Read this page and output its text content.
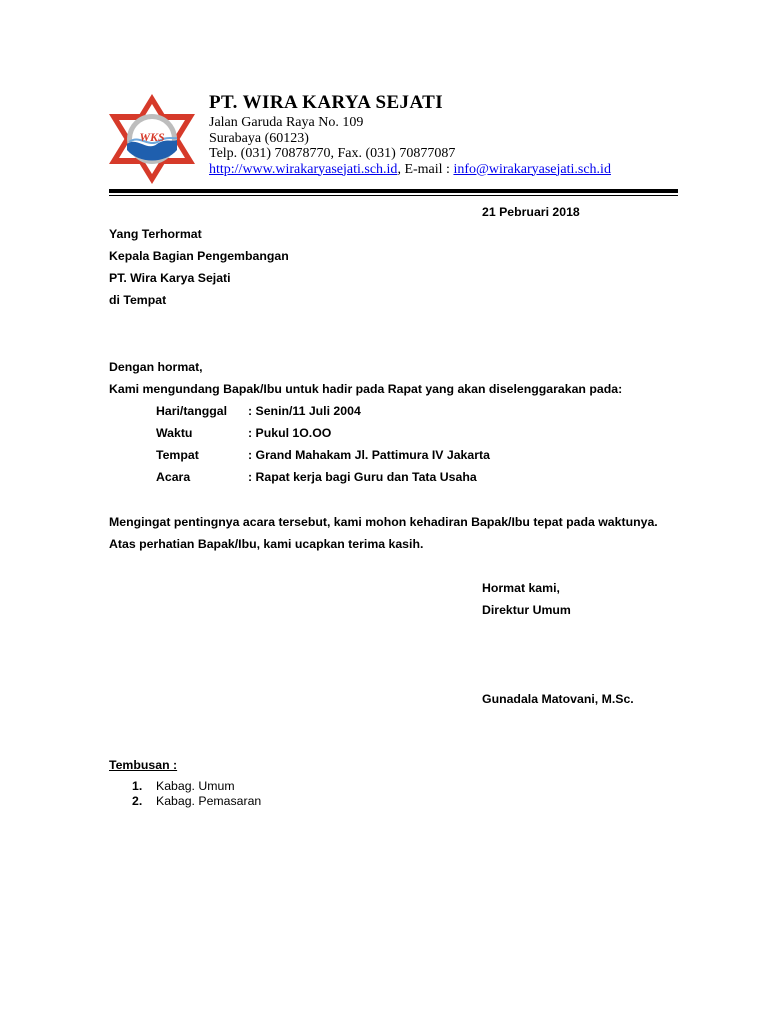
WKS
PT. WIRA KARYA SEJATI
Jalan Garuda Raya No. 109
Surabaya (60123)
Telp. (031) 70878770, Fax. (031) 70877087
http://www.wirakaryasejati.sch.id, E-mail : info@wirakaryasejati.sch.id
21 Pebruari 2018
Yang Terhormat
Kepala Bagian Pengembangan
PT. Wira Karya Sejati
di Tempat
Dengan hormat,
Kami mengundang Bapak/Ibu untuk hadir pada Rapat yang akan diselenggarakan pada:
Hari/tanggal : Senin/11 Juli 2004
Waktu	: Pukul 1O.OO
Tempat	: Grand Mahakam Jl. Pattimura IV Jakarta
Acara	: Rapat kerja bagi Guru dan Tata Usaha
Mengingat pentingnya acara tersebut, kami mohon kehadiran Bapak/Ibu tepat pada waktunya.
Atas perhatian Bapak/Ibu, kami ucapkan terima kasih.
Hormat kami,
Direktur Umum
Gunadala Matovani, M.Sc.
Tembusan :
1. Kabag. Umum
2. Kabag. Pemasaran
